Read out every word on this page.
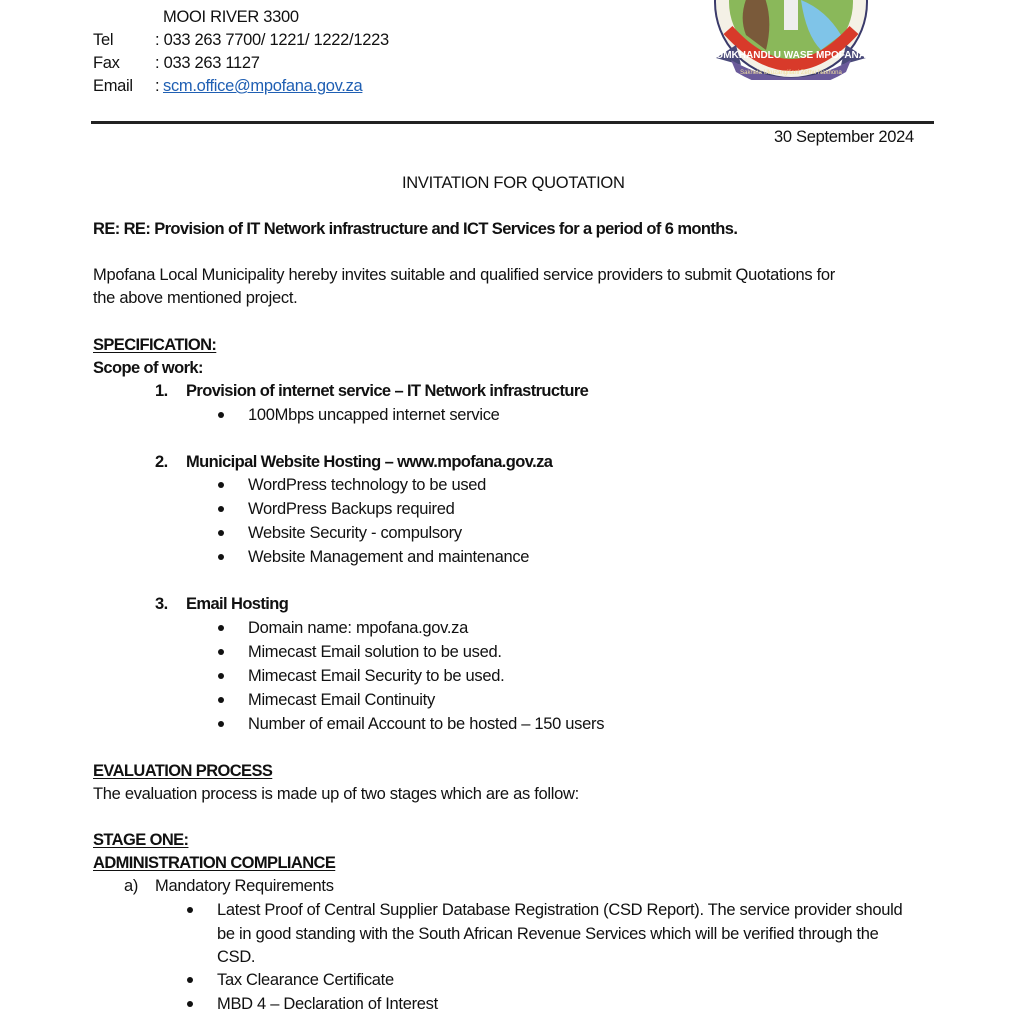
UMKHANDLU WASE MPOFANA
Sakhela Ukuzangiliani Zethu Nakhona
MOOI RIVER 3300
Tel	: 033 263 7700/ 1221/ 1222/1223
Fax : 033 263 1127
Email : scm.office@mpofana.gov.za
30 September 2024
INVITATION FOR QUOTATION
RE: RE: Provision of IT Network infrastructure and ICT Services for a period of 6 months.
Mpofana Local Municipality hereby invites suitable and qualified service providers to submit Quotations for
the above mentioned project.
SPECIFICATION:
Scope of work:
1. Provision of internet service – IT Network infrastructure
100Mbps uncapped internet service
2. Municipal Website Hosting – www.mpofana.gov.za
WordPress technology to be used
WordPress Backups required
Website Security - compulsory
Website Management and maintenance
3. Email Hosting
Domain name: mpofana.gov.za
Mimecast Email solution to be used.
Mimecast Email Security to be used.
Mimecast Email Continuity
Number of email Account to be hosted – 150 users
EVALUATION PROCESS
The evaluation process is made up of two stages which are as follow:
STAGE ONE:
ADMINISTRATION COMPLIANCE
a) Mandatory Requirements
Latest Proof of Central Supplier Database Registration (CSD Report). The service provider should be in good standing with the South African Revenue Services which will be verified through the CSD.
Tax Clearance Certificate
MBD 4 – Declaration of Interest
